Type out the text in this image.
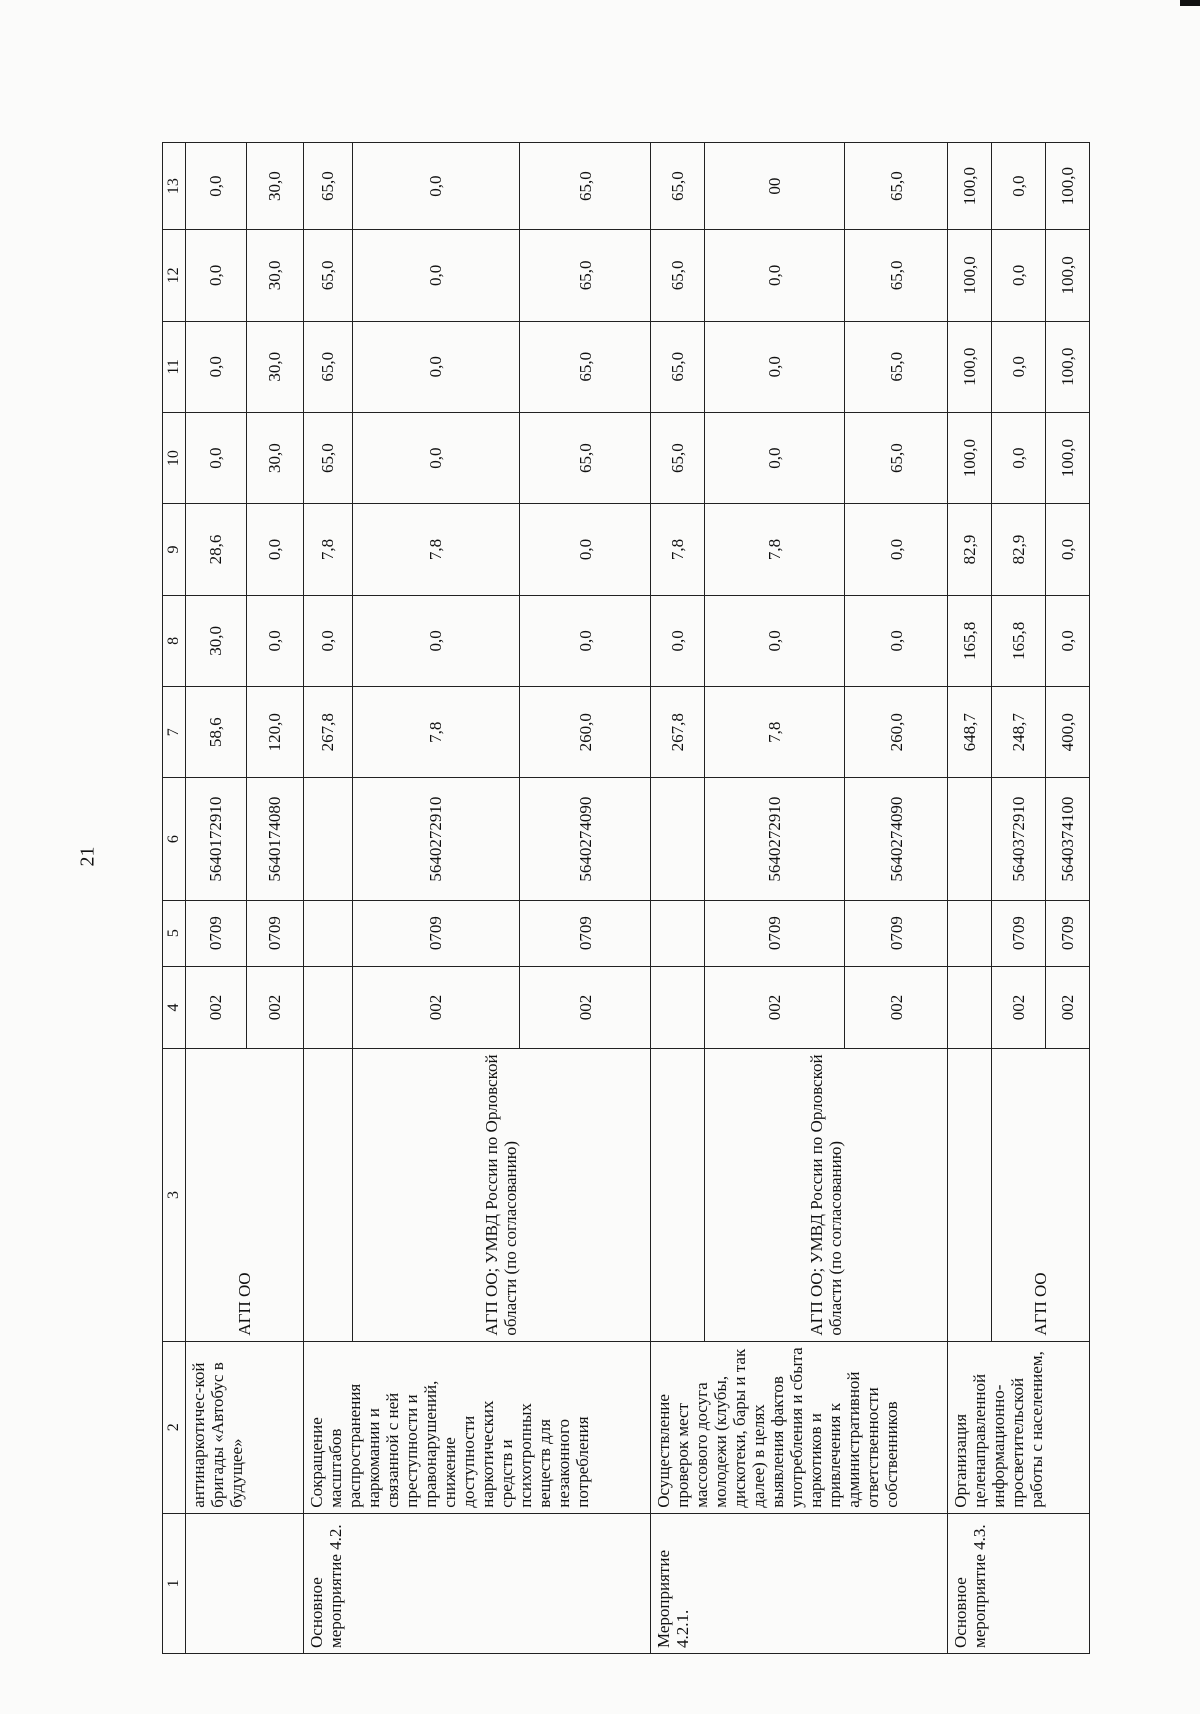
21
1	2	3	4	5	6	7	8	9	10	11	12	13
	антинаркотичес-кой бригады «Автобус в будущее»	АГП ОО	002	0709	5640172910	58,6	30,0	28,6	0,0	0,0	0,0	0,0
			002	0709	5640174080	120,0	0,0	0,0	30,0	30,0	30,0	30,0
Основное мероприятие 4.2.	Сокращение масштабов распространения наркомании и связанной с ней преступности и правонарушений, снижение доступности наркотических средств и психотропных веществ для незаконного потребления					267,8	0,0	7,8	65,0	65,0	65,0	65,0
		АГП ОО; УМВД России по Орловской области (по согласованию)	002	0709	5640272910	7,8	0,0	7,8	0,0	0,0	0,0	0,0
			002	0709	5640274090	260,0	0,0	0,0	65,0	65,0	65,0	65,0
Мероприятие 4.2.1.	Осуществление проверок мест массового досуга молодежи (клубы, дискотеки, бары и так далее) в целях выявления фактов употребления и сбыта наркотиков и привлечения к административной ответственности собственников					267,8	0,0	7,8	65,0	65,0	65,0	65,0
		АГП ОО; УМВД России по Орловской области (по согласованию)	002	0709	5640272910	7,8	0,0	7,8	0,0	0,0	0,0	00
			002	0709	5640274090	260,0	0,0	0,0	65,0	65,0	65,0	65,0
Основное мероприятие 4.3.	Организация целенаправленной информационно-просветительской работы с населением,					648,7	165,8	82,9	100,0	100,0	100,0	100,0
		АГП ОО	002	0709	5640372910	248,7	165,8	82,9	0,0	0,0	0,0	0,0
			002	0709	5640374100	400,0	0,0	0,0	100,0	100,0	100,0	100,0
